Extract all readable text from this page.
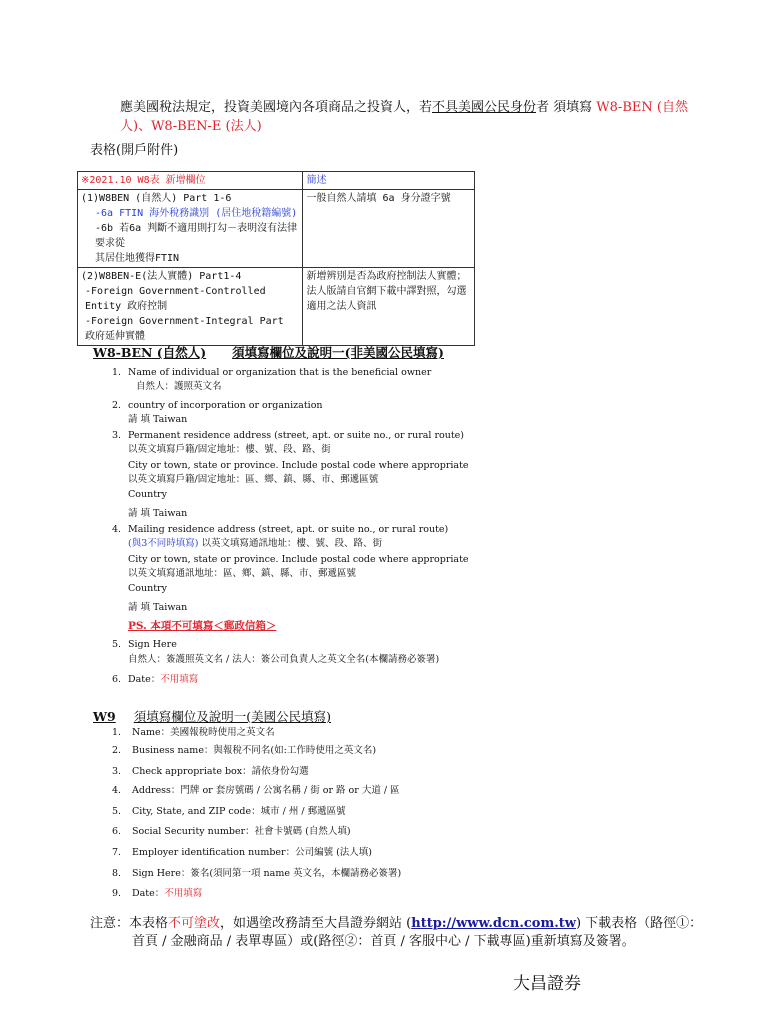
應美國稅法規定，投資美國境內各項商品之投資人，若不具美國公民身份者 須填寫 W8-BEN (自然
人)、W8-BEN-E (法人)
表格(開戶附件)
※2021.10 W8表 新增欄位	簡述

(1)W8BEN (自然人) Part 1-6
-6a FTIN 海外稅務識別 (居住地稅籍編號)
-6b 若6a 判斷不適用則打勾－表明沒有法律要求從
其居住地獲得FTIN	一般自然人請填 6a 身分證字號

(2)W8BEN-E(法人實體) Part1-4
-Foreign Government-Controlled Entity 政府控制
-Foreign Government-Integral Part 政府延伸實體	新增辨別是否為政府控制法人實體；法人版請自官網下載中譯對照，勾選適用之法人資訊
W8-BEN (自然人) 須填寫欄位及說明一(非美國公民填寫)
1. Name of individual or organization that is the beneficial owner
自然人：護照英文名
2. country of incorporation or organization
請 填 Taiwan
3. Permanent residence address (street, apt. or suite no., or rural route)
以英文填寫戶籍/固定地址：樓、號、段、路、街
City or town, state or province. Include postal code where appropriate
以英文填寫戶籍/固定地址：區、鄉、鎮、縣、市、郵遞區號
Country
請 填 Taiwan
4. Mailing residence address (street, apt. or suite no., or rural route)
(與3不同時填寫) 以英文填寫通訊地址：樓、號、段、路、街
City or town, state or province. Include postal code where appropriate
以英文填寫通訊地址：區、鄉、鎮、縣、市、郵遞區號
Country
請 填 Taiwan
PS. 本項不可填寫＜郵政信箱＞
5. Sign Here
自然人：簽護照英文名 / 法人：簽公司負責人之英文全名(本欄請務必簽署)
6. Date：不用填寫
W9 須填寫欄位及說明一(美國公民填寫)
1. Name：美國報稅時使用之英文名
2. Business name：與報稅不同名(如:工作時使用之英文名)
3. Check appropriate box：請依身份勾選
4. Address：門牌 or 套房號碼 / 公寓名稱 / 街 or 路 or 大道 / 區
5. City, State, and ZIP code：城市 / 州 / 郵遞區號
6. Social Security number：社會卡號碼 (自然人填)
7. Employer identification number：公司編號 (法人填)
8. Sign Here：簽名(須同第一項 name 英文名，本欄請務必簽署)
9. Date：不用填寫
注意：本表格不可塗改，如遇塗改務請至大昌證券網站 (http://www.dcn.com.tw) 下載表格（路徑①：
首頁 / 金融商品 / 表單專區）或(路徑②：首頁 / 客服中心 / 下載專區)重新填寫及簽署。
大昌證券
